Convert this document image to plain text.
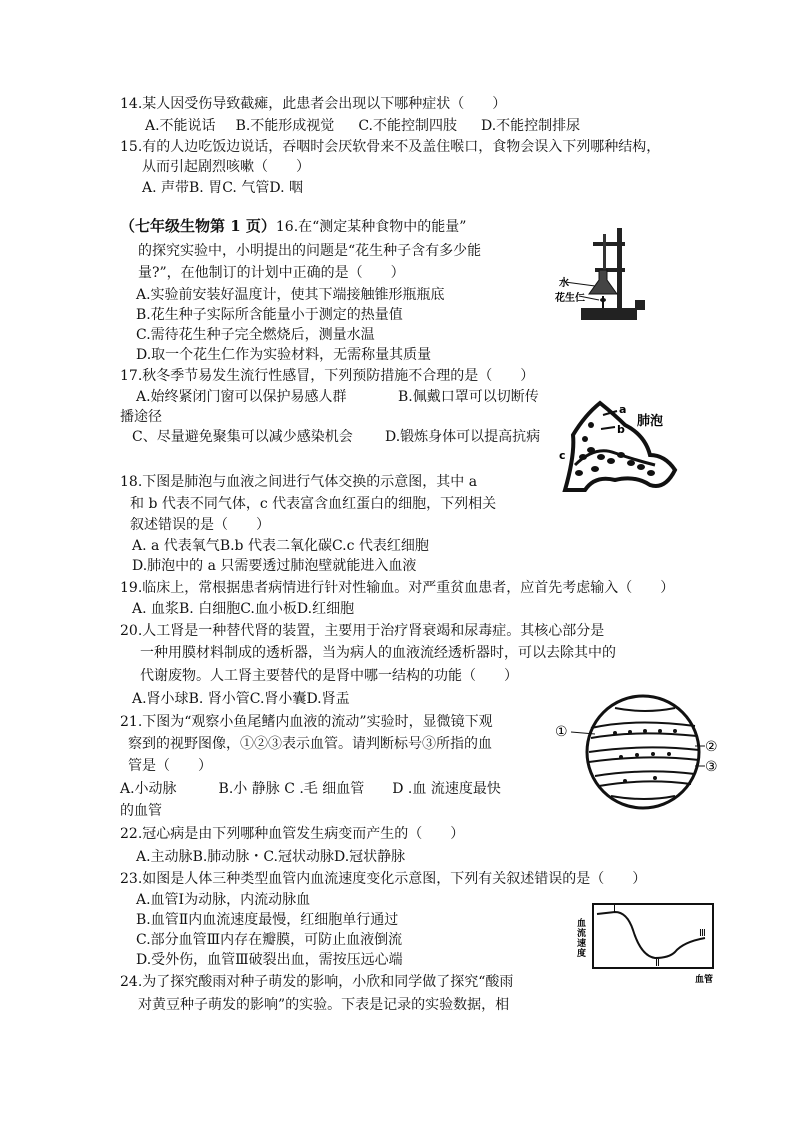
14.某人因受伤导致截瘫，此患者会出现以下哪种症状（　　）
A.不能说话 B.不能形成视觉 C.不能控制四肢 D.不能控制排尿
15.有的人边吃饭边说话，吞咽时会厌软骨来不及盖住喉口，食物会误入下列哪种结构，
从而引起剧烈咳嗽（　　）
A. 声带B. 胃C. 气管D. 咽
（七年级生物第 1 页）16.在“测定某种食物中的能量”
的探究实验中，小明提出的问题是“花生种子含有多少能
量?”，在他制订的计划中正确的是（　　）
A.实验前安装好温度计，使其下端接触锥形瓶瓶底
B.花生种子实际所含能量小于测定的热量值
C.需待花生种子完全燃烧后，测量水温
D.取一个花生仁作为实验材料，无需称量其质量
水
花生仁
17.秋冬季节易发生流行性感冒，下列预防措施不合理的是（　　）
A.始终紧闭门窗可以保护易感人群	B.佩戴口罩可以切断传
播途径
C、尽量避免聚集可以减少感染机会 D.锻炼身体可以提高抗病
a
b
c
肺泡
18.下图是肺泡与血液之间进行气体交换的示意图，其中 a
和 b 代表不同气体，c 代表富含血红蛋白的细胞，下列相关
叙述错误的是（　　）
A. a 代表氧气B.b 代表二氧化碳C.c 代表红细胞
D.肺泡中的 a 只需要透过肺泡壁就能进入血液
19.临床上，常根据患者病情进行针对性输血。对严重贫血患者，应首先考虑输入（　　）
A. 血浆B. 白细胞C.血小板D.红细胞
20.人工肾是一种替代肾的装置，主要用于治疗肾衰竭和尿毒症。其核心部分是
一种用膜材料制成的透析器，当为病人的血液流经透析器时，可以去除其中的
代谢废物。人工肾主要替代的是肾中哪一结构的功能（　　）
A.肾小球B. 肾小管C.肾小囊D.肾盂
21.下图为“观察小鱼尾鳍内血液的流动”实验时，显微镜下观
察到的视野图像，①②③表示血管。请判断标号③所指的血
管是（　　）
A.小动脉　　　B.小 静脉 C .毛 细血管　　D .血 流速度最快
的血管
①
②
③
22.冠心病是由下列哪种血管发生病变而产生的（　　）
A.主动脉B.肺动脉・C.冠状动脉D.冠状静脉
23.如图是人体三种类型血管内血流速度变化示意图，下列有关叙述错误的是（　　）
A.血管Ⅰ为动脉，内流动脉血
B.血管Ⅱ内血流速度最慢，红细胞单行通过
C.部分血管Ⅲ内存在瓣膜，可防止血液倒流
D.受外伤，血管Ⅲ破裂出血，需按压远心端
Ⅰ
Ⅱ
Ⅲ
血
流
速
度
血管
24.为了探究酸雨对种子萌发的影响，小欣和同学做了探究“酸雨
对黄豆种子萌发的影响”的实验。下表是记录的实验数据，相
